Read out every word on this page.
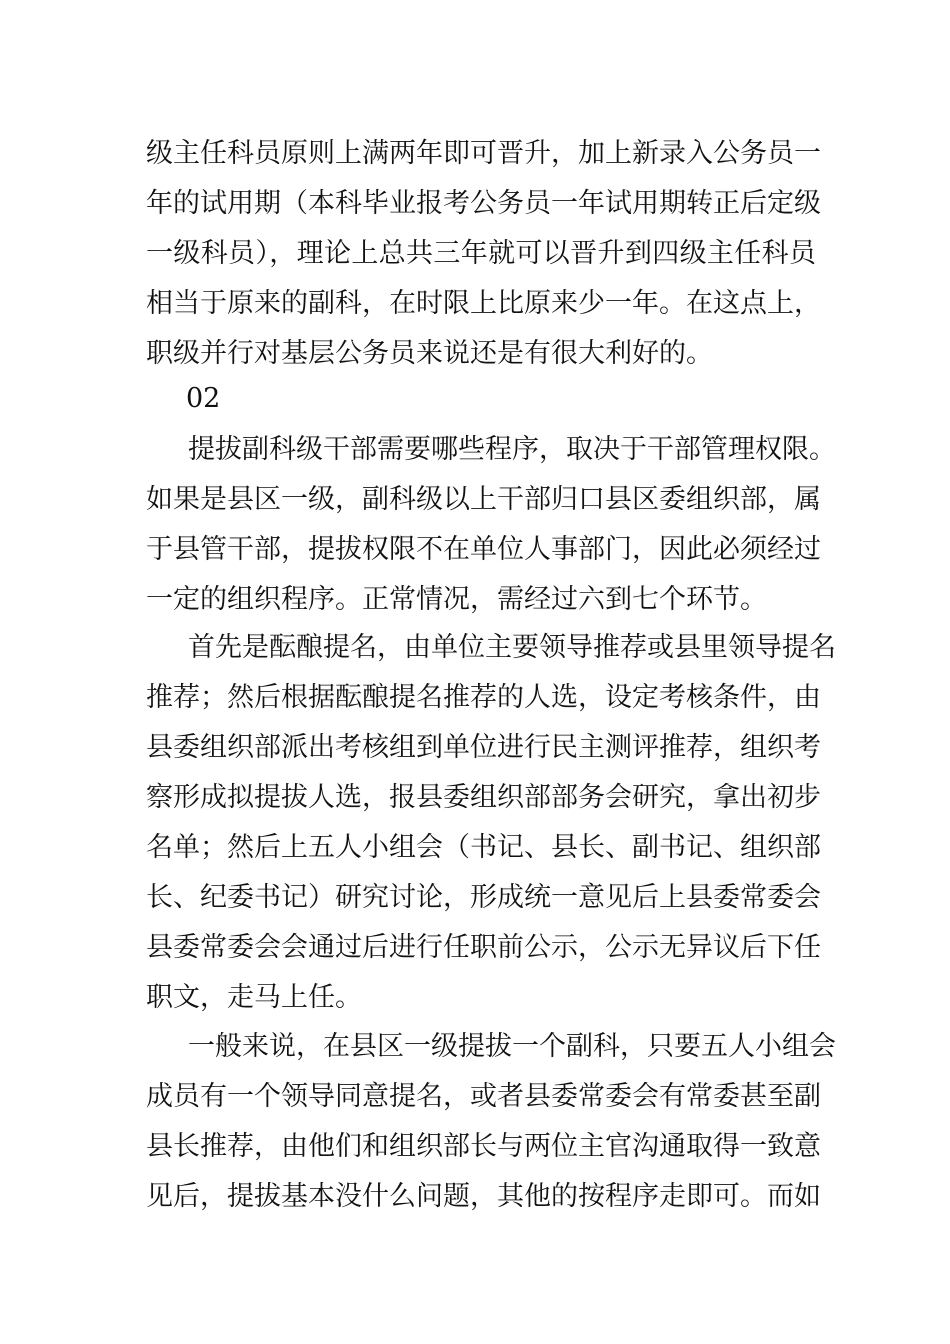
级主任科员原则上满两年即可晋升，加上新录入公务员一
年的试用期（本科毕业报考公务员一年试用期转正后定级
一级科员），理论上总共三年就可以晋升到四级主任科员
相当于原来的副科，在时限上比原来少一年。在这点上，
职级并行对基层公务员来说还是有很大利好的。
02
提拔副科级干部需要哪些程序，取决于干部管理权限。
如果是县区一级，副科级以上干部归口县区委组织部，属
于县管干部，提拔权限不在单位人事部门，因此必须经过
一定的组织程序。正常情况，需经过六到七个环节。
首先是酝酿提名，由单位主要领导推荐或县里领导提名
推荐；然后根据酝酿提名推荐的人选，设定考核条件，由
县委组织部派出考核组到单位进行民主测评推荐，组织考
察形成拟提拔人选，报县委组织部部务会研究，拿出初步
名单；然后上五人小组会（书记、县长、副书记、组织部
长、纪委书记）研究讨论，形成统一意见后上县委常委会
县委常委会会通过后进行任职前公示，公示无异议后下任
职文，走马上任。
一般来说，在县区一级提拔一个副科，只要五人小组会
成员有一个领导同意提名，或者县委常委会有常委甚至副
县长推荐，由他们和组织部长与两位主官沟通取得一致意
见后，提拔基本没什么问题，其他的按程序走即可。而如
